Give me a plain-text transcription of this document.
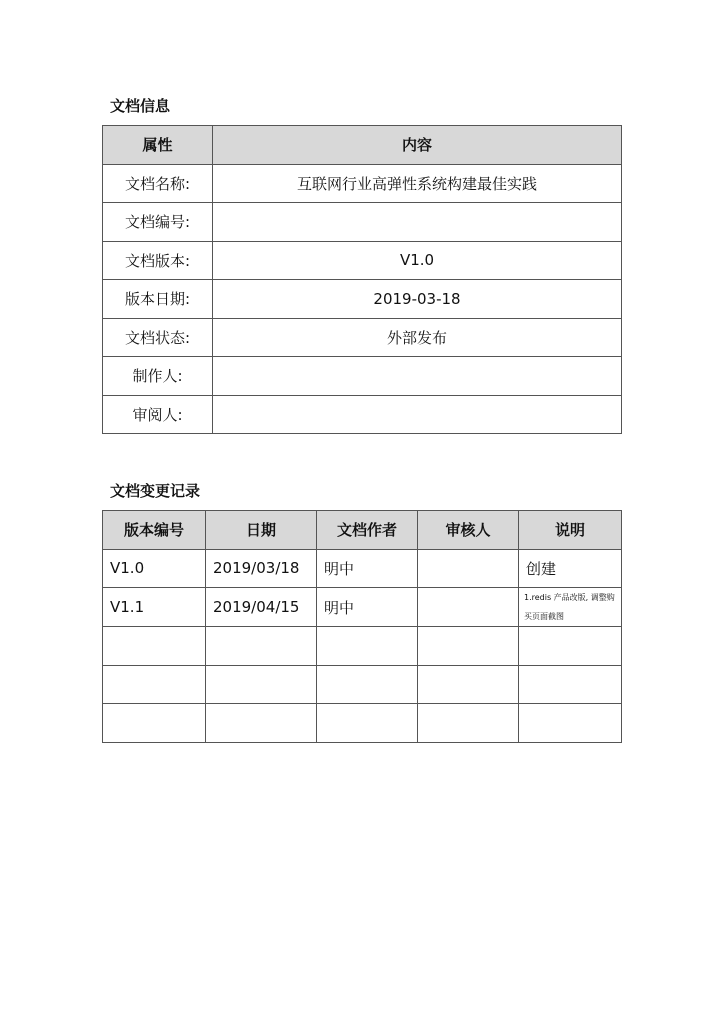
文档信息
属性	内容
文档名称:	互联网行业高弹性系统构建最佳实践
文档编号:	
文档版本:	V1.0
版本日期:	2019-03-18
文档状态:	外部发布
制作人:	
审阅人:	
文档变更记录
版本编号	日期	文档作者	审核人	说明
V1.0	2019/03/18	明中		创建
V1.1	2019/04/15	明中		1.redis 产品改版, 调整购买页面截图
